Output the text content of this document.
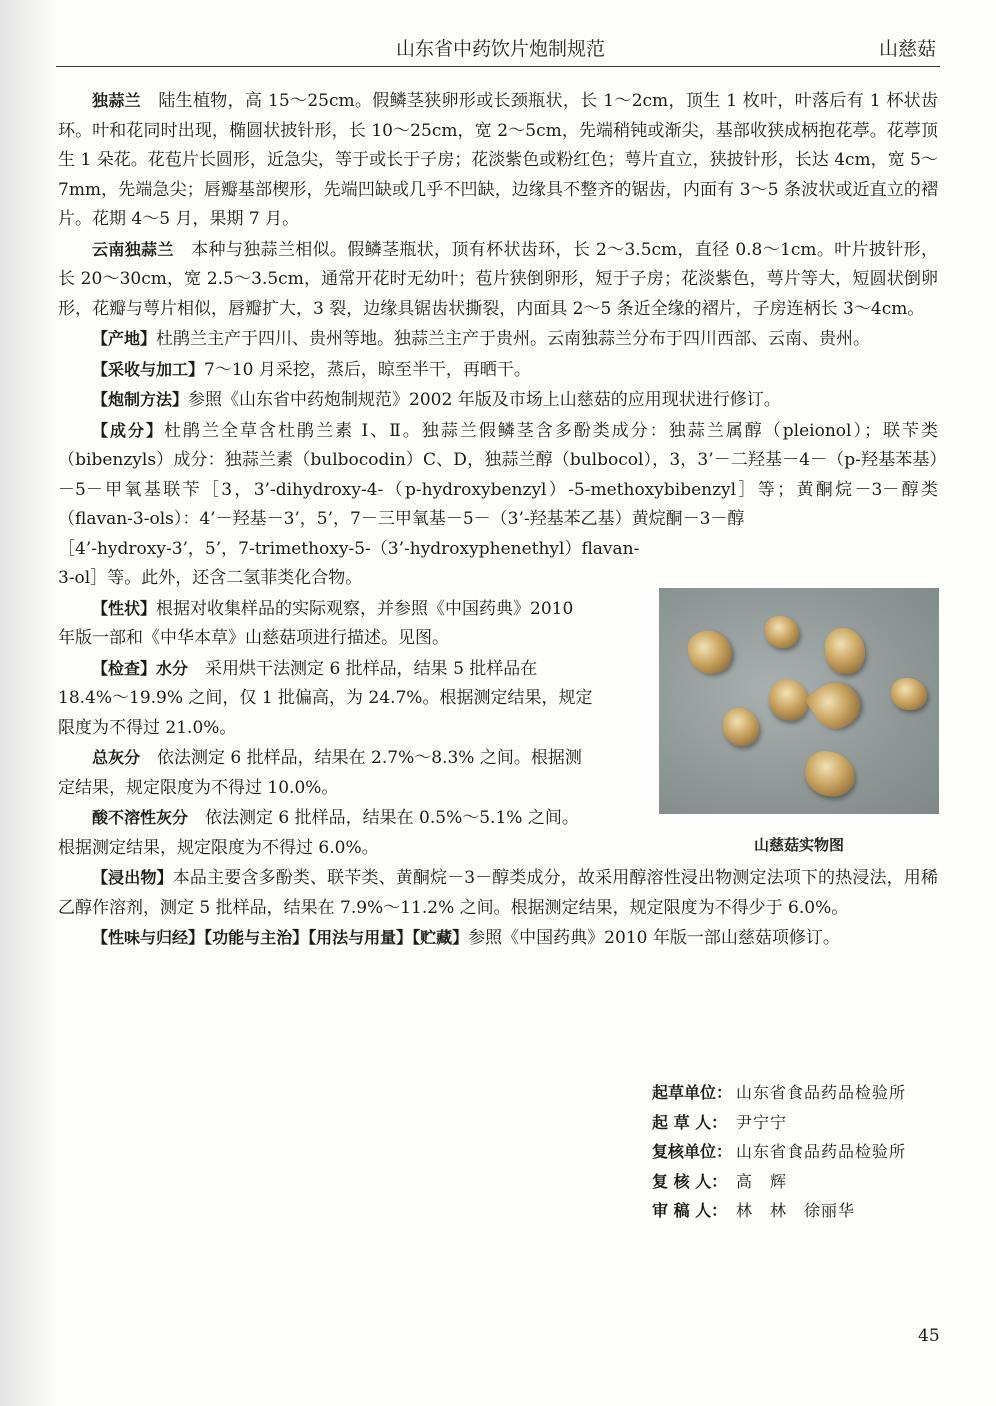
山东省中药饮片炮制规范	山慈菇

独蒜兰　陆生植物，高 15～25cm。假鳞茎狭卵形或长颈瓶状，长 1～2cm，顶生 1 枚叶，叶落后有 1 杯状齿环。叶和花同时出现，椭圆状披针形，长 10～25cm，宽 2～5cm，先端稍钝或渐尖，基部收狭成柄抱花葶。花葶顶生 1 朵花。花苞片长圆形，近急尖，等于或长于子房；花淡紫色或粉红色；萼片直立，狭披针形，长达 4cm，宽 5～7mm，先端急尖；唇瓣基部楔形，先端凹缺或几乎不凹缺，边缘具不整齐的锯齿，内面有 3～5 条波状或近直立的褶片。花期 4～5 月，果期 7 月。

云南独蒜兰　本种与独蒜兰相似。假鳞茎瓶状，顶有杯状齿环，长 2～3.5cm，直径 0.8～1cm。叶片披针形，长 20～30cm，宽 2.5～3.5cm，通常开花时无幼叶；苞片狭倒卵形，短于子房；花淡紫色，萼片等大，短圆状倒卵形，花瓣与萼片相似，唇瓣扩大，3 裂，边缘具锯齿状撕裂，内面具 2～5 条近全缘的褶片，子房连柄长 3～4cm。

【 产地 】 杜鹃兰主产于四川、贵州等地。独蒜兰主产于贵州。云南独蒜兰分布于四川西部、云南、贵州。

【 采收与加工 】 7～10 月采挖，蒸后，晾至半干，再晒干。

【 炮制方法 】 参照《山东省中药炮制规范》2002 年版及市场上山慈菇的应用现状进行修订。

【 成分 】 杜鹃兰全草含杜鹃兰素 Ⅰ、Ⅱ。独蒜兰假鳞茎含多酚类成分：独蒜兰属醇（pleionol）；联苄类（bibenzyls）成分：独蒜兰素（bulbocodin）C、D，独蒜兰醇（bulbocol），3，3’－二羟基－4－（p-羟基苯基）－5－甲氧基联苄［3，3’-dihydroxy-4-（p-hydroxybenzyl）-5-methoxybibenzyl］等；黄酮烷－3－醇类（flavan-3-ols）：4’－羟基－3’，5’，7－三甲氧基－5－（3’-羟基苯乙基）黄烷酮－3－醇

［4’-hydroxy-3’，5’，7-trimethoxy-5-（3’-hydroxyphenethyl）flavan-
3-ol］等。此外，还含二氢菲类化合物。
【 性状 】 根据对收集样品的实际观察，并参照《中国药典》2010
年版一部和《中华本草》山慈菇项进行描述。见图。
【 检查 】 水分　采用烘干法测定 6 批样品，结果 5 批样品在
18.4%～19.9% 之间，仅 1 批偏高，为 24.7%。根据测定结果，规定
限度为不得过 21.0%。
总灰分　依法测定 6 批样品，结果在 2.7%～8.3% 之间。根据测
定结果，规定限度为不得过 10.0%。
酸不溶性灰分　依法测定 6 批样品，结果在 0.5%～5.1% 之间。
根据测定结果，规定限度为不得过 6.0%。

【 浸出物 】 本品主要含多酚类、联苄类、黄酮烷－3－醇类成分，故采用醇溶性浸出物测定法项下的热浸法，用稀乙醇作溶剂，测定 5 批样品，结果在 7.9%～11.2% 之间。根据测定结果，规定限度为不得少于 6.0%。

【 性味与归经 】 【 功能与主治 】 【 用法与用量 】 【 贮藏 】 参照《中国药典》2010 年版一部山慈菇项修订。

山慈菇实物图
起草单位： 山东省食品药品检验所
起 草 人： 尹宁宁
复核单位： 山东省食品药品检验所
复 核 人： 高　辉
审 稿 人： 林　林　徐丽华
45
